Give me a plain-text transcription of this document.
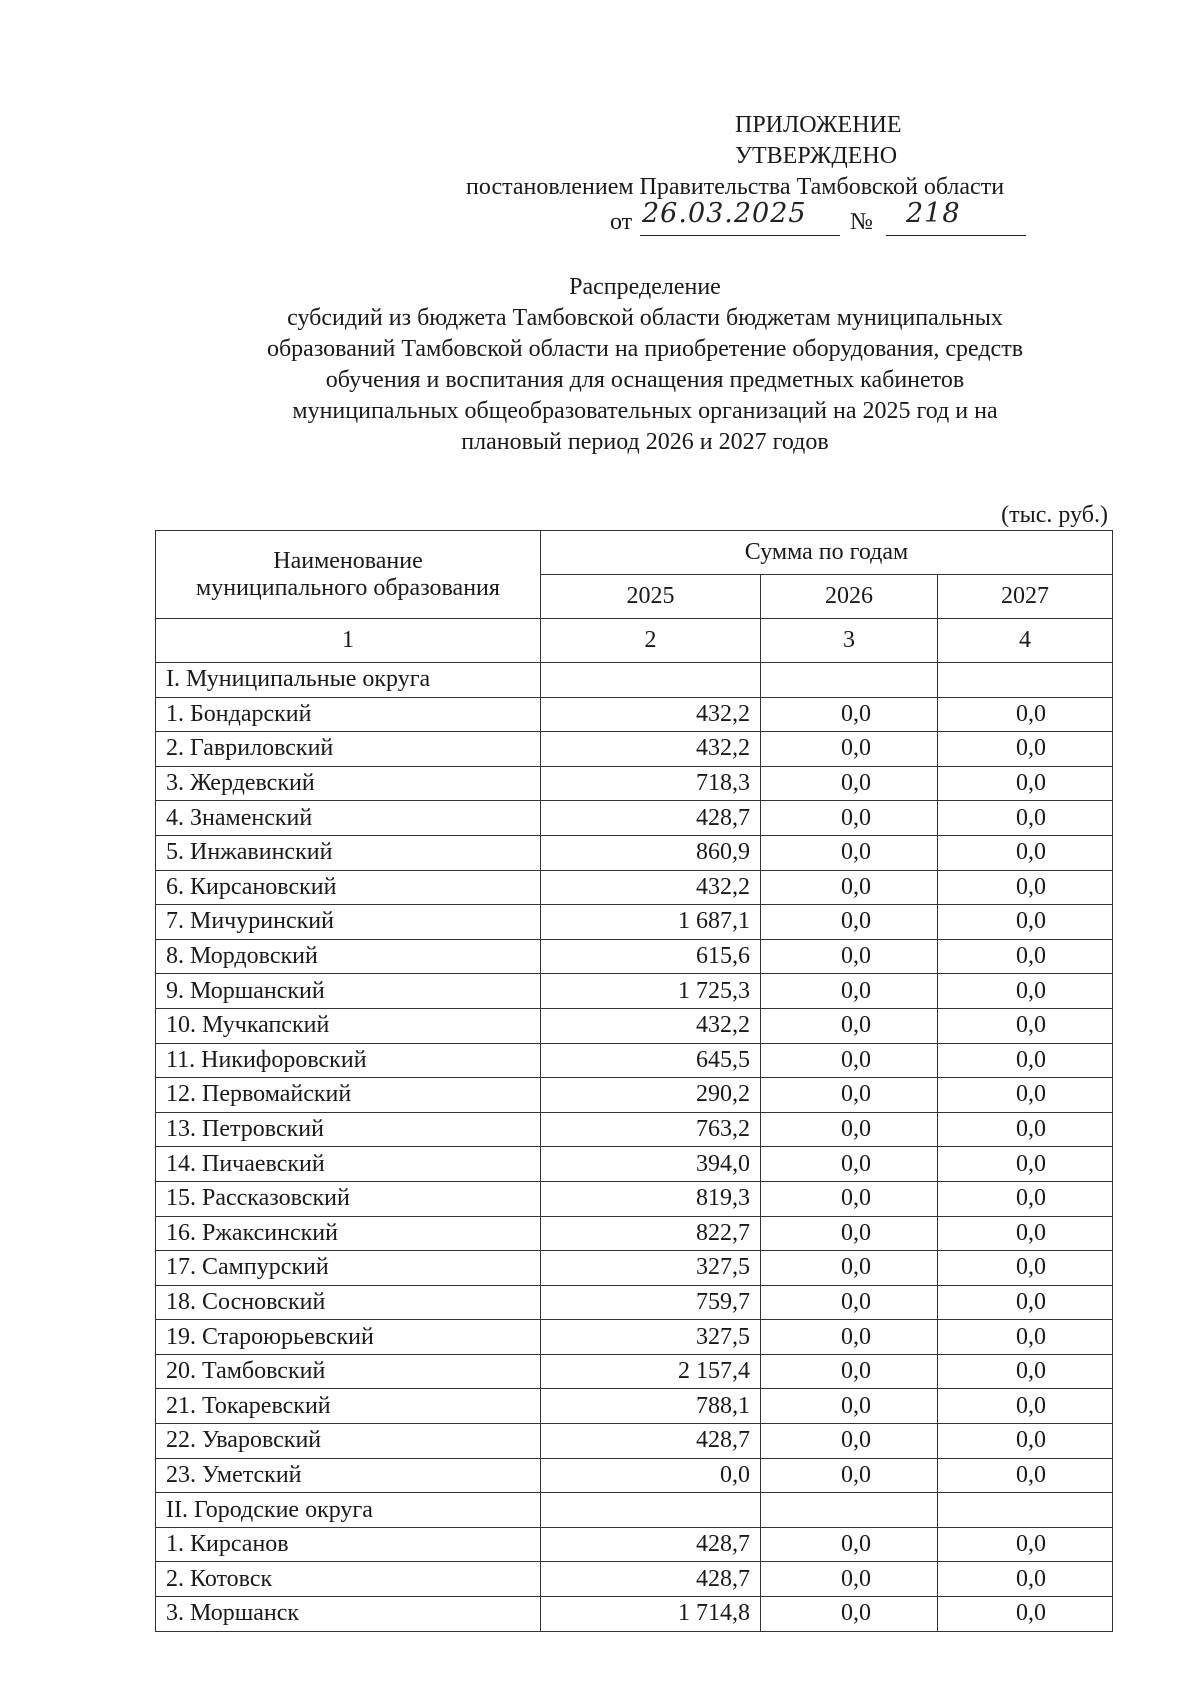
ПРИЛОЖЕНИЕ
УТВЕРЖДЕНО
постановлением Правительства Тамбовской области
от 26.03.2025 № 218
Распределение
субсидий из бюджета Тамбовской области бюджетам муниципальных
образований Тамбовской области на приобретение оборудования, средств
обучения и воспитания для оснащения предметных кабинетов
муниципальных общеобразовательных организаций на 2025 год и на
плановый период 2026 и 2027 годов
(тыс. руб.)
Наименование
муниципального образования	Сумма по годам		
	2025	2026	2027
1	2	3	4
I. Муниципальные округа			
1. Бондарский	432,2	0,0	0,0
2. Гавриловский	432,2	0,0	0,0
3. Жердевский	718,3	0,0	0,0
4. Знаменский	428,7	0,0	0,0
5. Инжавинский	860,9	0,0	0,0
6. Кирсановский	432,2	0,0	0,0
7. Мичуринский	1 687,1	0,0	0,0
8. Мордовский	615,6	0,0	0,0
9. Моршанский	1 725,3	0,0	0,0
10. Мучкапский	432,2	0,0	0,0
11. Никифоровский	645,5	0,0	0,0
12. Первомайский	290,2	0,0	0,0
13. Петровский	763,2	0,0	0,0
14. Пичаевский	394,0	0,0	0,0
15. Рассказовский	819,3	0,0	0,0
16. Ржаксинский	822,7	0,0	0,0
17. Сампурский	327,5	0,0	0,0
18. Сосновский	759,7	0,0	0,0
19. Староюрьевский	327,5	0,0	0,0
20. Тамбовский	2 157,4	0,0	0,0
21. Токаревский	788,1	0,0	0,0
22. Уваровский	428,7	0,0	0,0
23. Уметский	0,0	0,0	0,0
II. Городские округа			
1. Кирсанов	428,7	0,0	0,0
2. Котовск	428,7	0,0	0,0
3. Моршанск	1 714,8	0,0	0,0
